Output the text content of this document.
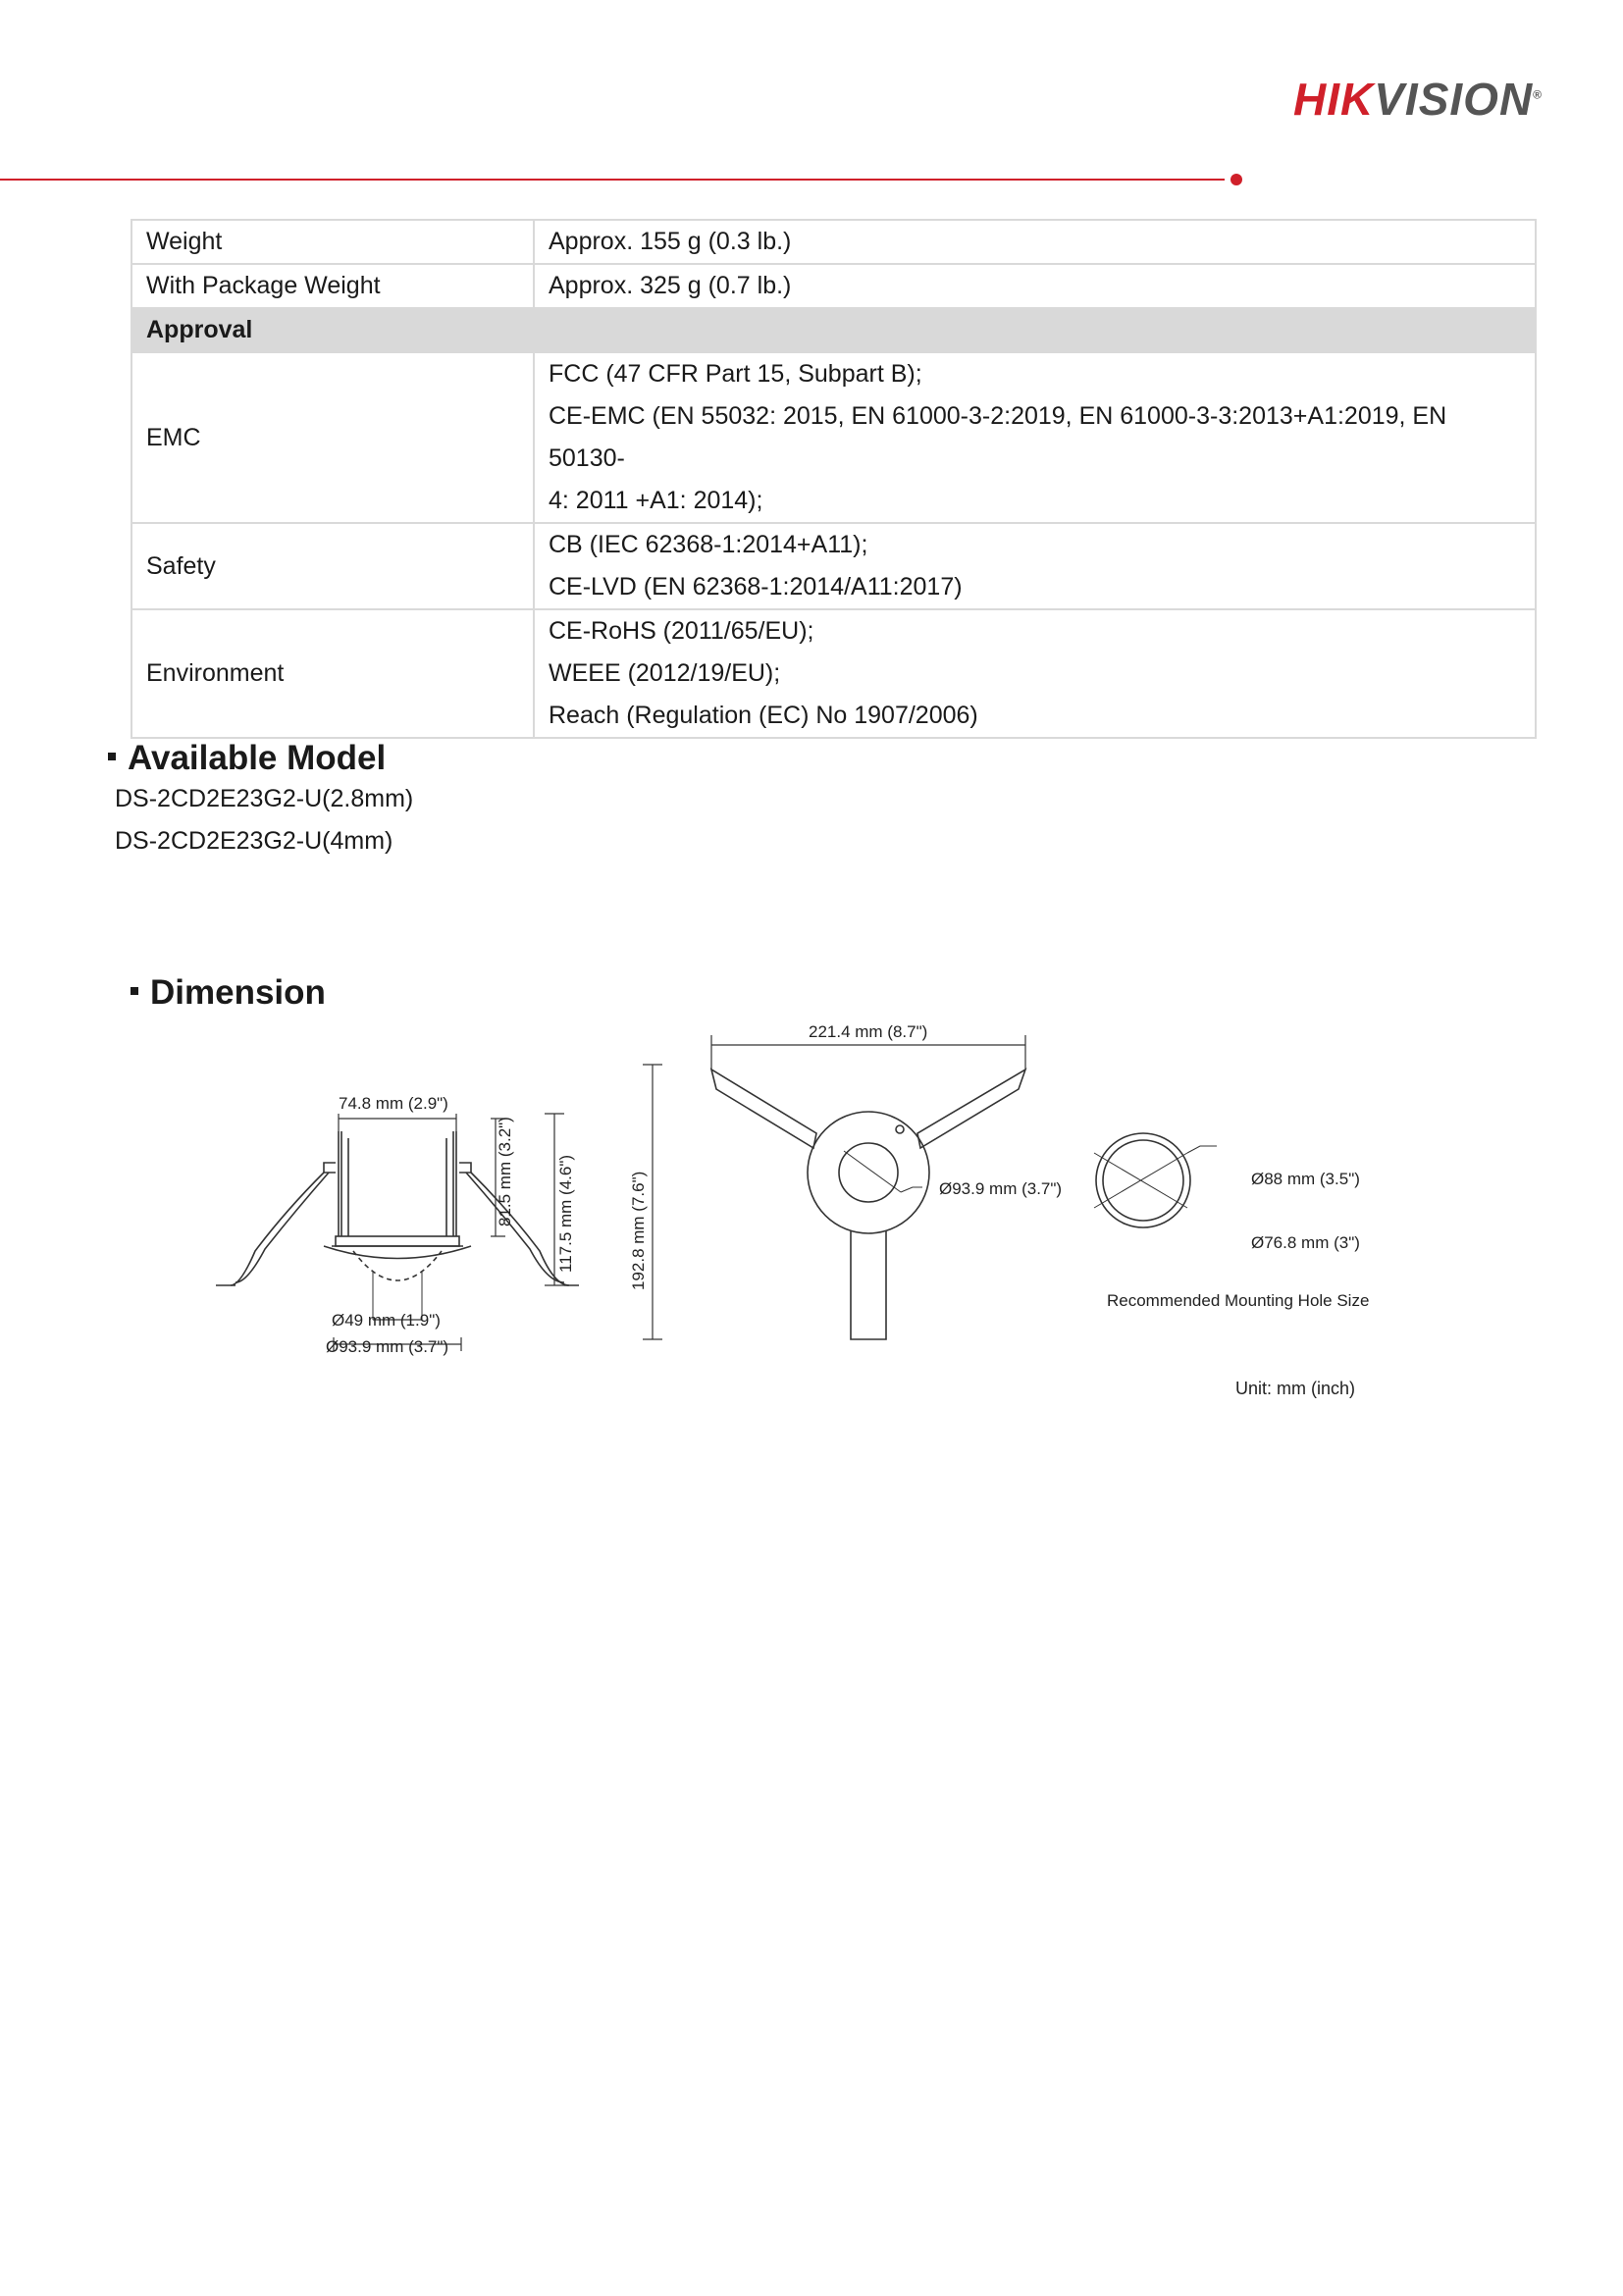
HIKVISION®
Weight	Approx. 155 g (0.3 lb.)

With Package Weight	Approx. 325 g (0.7 lb.)

Approval	
EMC	FCC (47 CFR Part 15, Subpart B);
CE-EMC (EN 55032: 2015, EN 61000-3-2:2019, EN 61000-3-3:2013+A1:2019, EN 50130-
4: 2011 +A1: 2014);

Safety	CB (IEC 62368-1:2014+A11);
CE-LVD (EN 62368-1:2014/A11:2017)

Environment	CE-RoHS (2011/65/EU);
WEEE (2012/19/EU);
Reach (Regulation (EC) No 1907/2006)
Available Model
DS-2CD2E23G2-U(2.8mm)
DS-2CD2E23G2-U(4mm)
Dimension
74.8 mm (2.9")
81.5 mm (3.2")	117.5 mm (4.6")	192.8 mm (7.6")
Ø49 mm (1.9")
Ø93.9 mm (3.7")
221.4 mm (8.7")
Ø93.9 mm (3.7")
Ø88 mm (3.5")
Ø76.8 mm (3")
Recommended Mounting Hole Size
Unit: mm (inch)
